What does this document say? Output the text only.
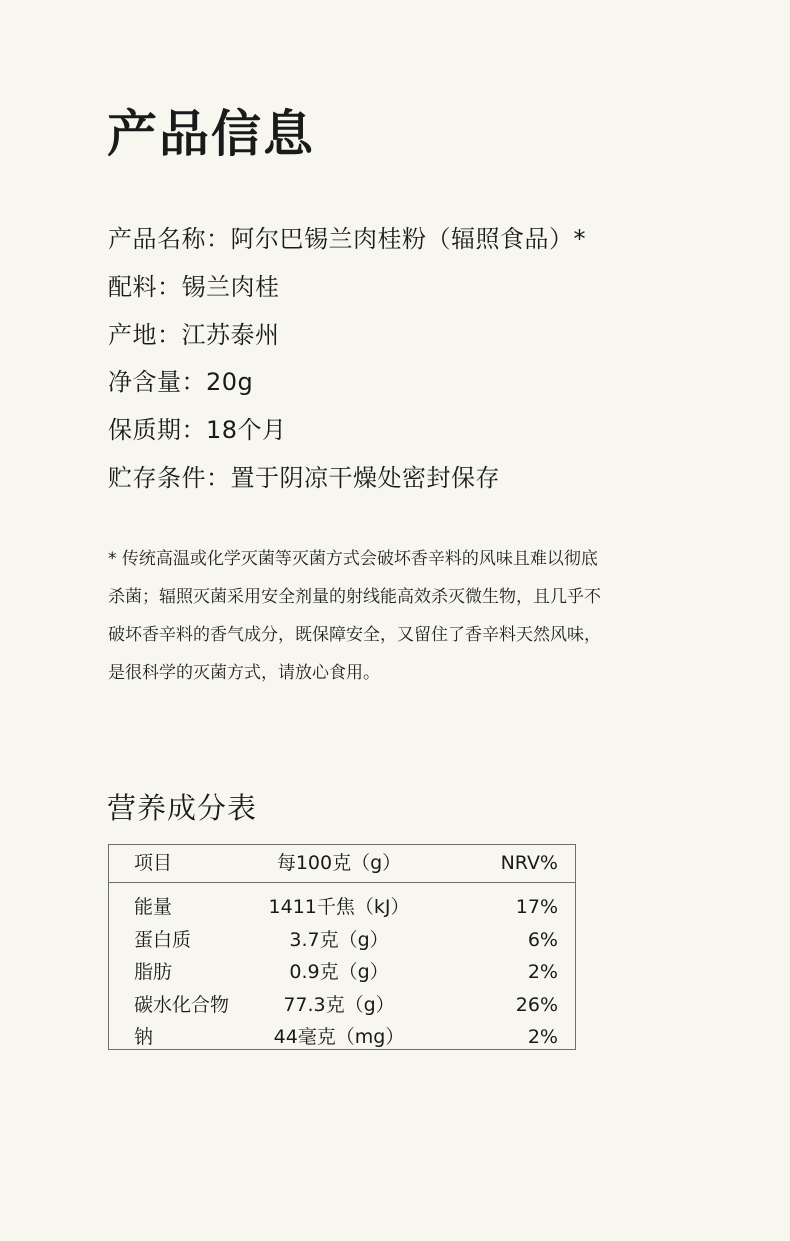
产品信息
产品名称：阿尔巴锡兰肉桂粉（辐照食品）*
配料：锡兰肉桂
产地：江苏泰州
净含量：20g
保质期：18个月
贮存条件：置于阴凉干燥处密封保存

* 传统高温或化学灭菌等灭菌方式会破坏香辛料的风味且难以彻底杀菌；辐照灭菌采用安全剂量的射线能高效杀灭微生物，且几乎不破坏香辛料的香气成分，既保障安全，又留住了香辛料天然风味，是很科学的灭菌方式，请放心食用。

营养成分表
项目	每100克（g）	NRV%
能量	1411千焦（kJ）	17%
蛋白质	3.7克（g）	6%
脂肪	0.9克（g）	2%
碳水化合物	77.3克（g）	26%
钠	44毫克（mg）	2%
